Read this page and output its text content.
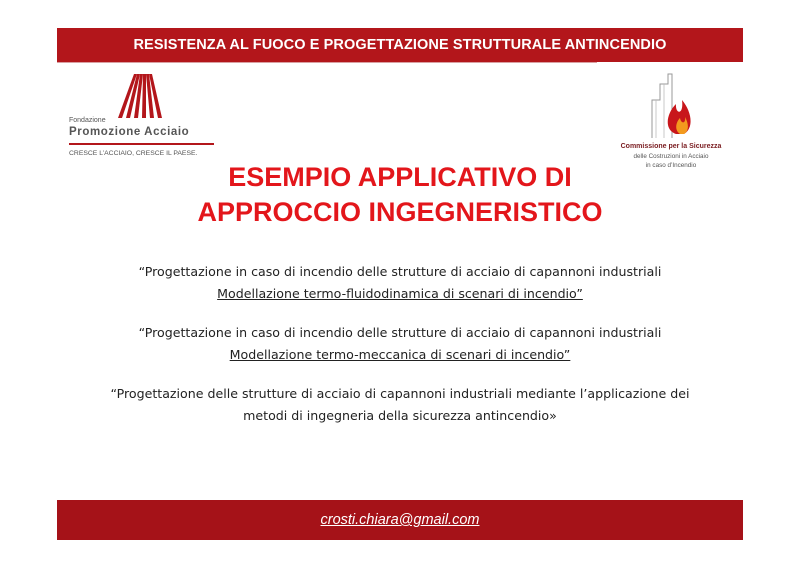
RESISTENZA AL FUOCO E PROGETTAZIONE STRUTTURALE ANTINCENDIO
Fondazione
Promozione Acciaio
CRESCE L’ACCIAIO, CRESCE IL PAESE.
Commissione per la Sicurezza
delle Costruzioni in Acciaio
in caso d’Incendio
ESEMPIO APPLICATIVO DI
APPROCCIO INGEGNERISTICO
“Progettazione in caso di incendio delle strutture di acciaio di capannoni industriali
Modellazione termo-fluidodinamica di scenari di incendio”
“Progettazione in caso di incendio delle strutture di acciaio di capannoni industriali
Modellazione termo-meccanica di scenari di incendio”
“Progettazione delle strutture di acciaio di capannoni industriali mediante l’applicazione dei
metodi di ingegneria della sicurezza antincendio»
crosti.chiara@gmail.com
